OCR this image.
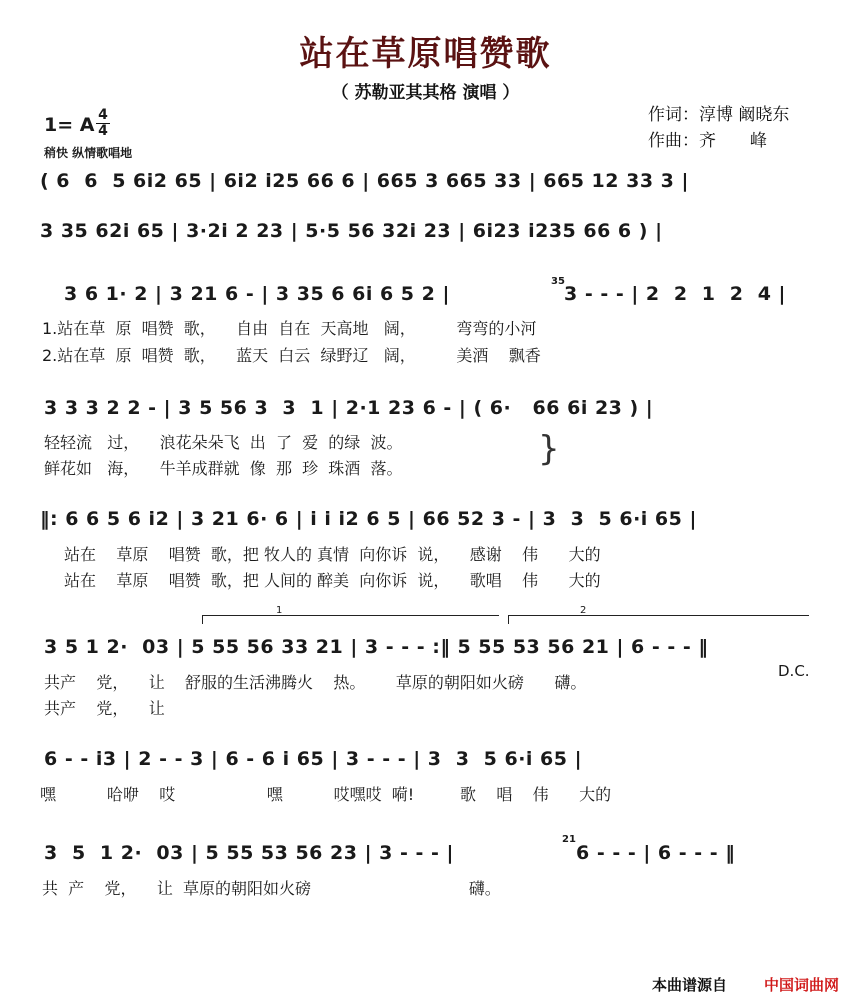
站在草原唱赞歌
（ 苏勒亚其其格 演唱 ）
作词：淳博 阚晓东
作曲：齐　　峰
1= A 4
4
稍快 纵情歌唱地
( 6  6  5 6i2 65 | 6i2 i25 66 6 | 665 3 665 33 | 665 12 33 3 |
3 35 62i 65 | 3·2i 2 23 | 5·5 56 32i 23 | 6i23 i235 66 6 ) |
3 6 1· 2 | 3 21 6 - | 3 35 6 6i 6 5 2 |
35
3 - - - | 2  2  1  2  4 |
1.站在草  原  唱赞  歌，    自由  自在  天高地   阔，        弯弯的小河
2.站在草  原  唱赞  歌，    蓝天  白云  绿野辽   阔，        美酒    飘香
3 3 3 2 2 - | 3 5 56 3  3  1 | 2·1 23 6 - | ( 6·   66 6i 23 ) |
轻轻流   过，    浪花朵朵飞  出  了  爱  的绿  波。
鲜花如   海，    牛羊成群就  像  那  珍  珠酒  落。	}
‖: 6 6 5 6 i2 | 3 21 6· 6 | i i i2 6 5 | 66 52 3 - | 3  3  5 6·i 65 |
站在    草原    唱赞  歌，把 牧人的 真情  向你诉  说，    感谢    伟      大的
站在    草原    唱赞  歌，把 人间的 醉美  向你诉  说，    歌唱    伟      大的
1	2
3 5 1 2·  03 | 5 55 56 33 21 | 3 - - - :‖ 5 55 53 56 21 | 6 - - - ‖
D.C.
共产    党，    让    舒服的生活沸腾火    热。      草原的朝阳如火磅      礴。
共产    党，    让
6 - - i3 | 2 - - 3 | 6 - 6 i 65 | 3 - - - | 3  3  5 6·i 65 |
嘿          哈咿    哎                  嘿          哎嘿哎  嗬!         歌    唱    伟      大的
3  5  1 2·  03 | 5 55 53 56 23 | 3 - - - |
21
6 - - - | 6 - - - ‖
共  产    党，    让  草原的朝阳如火磅                               礴。
本曲谱源自 中国词曲网
